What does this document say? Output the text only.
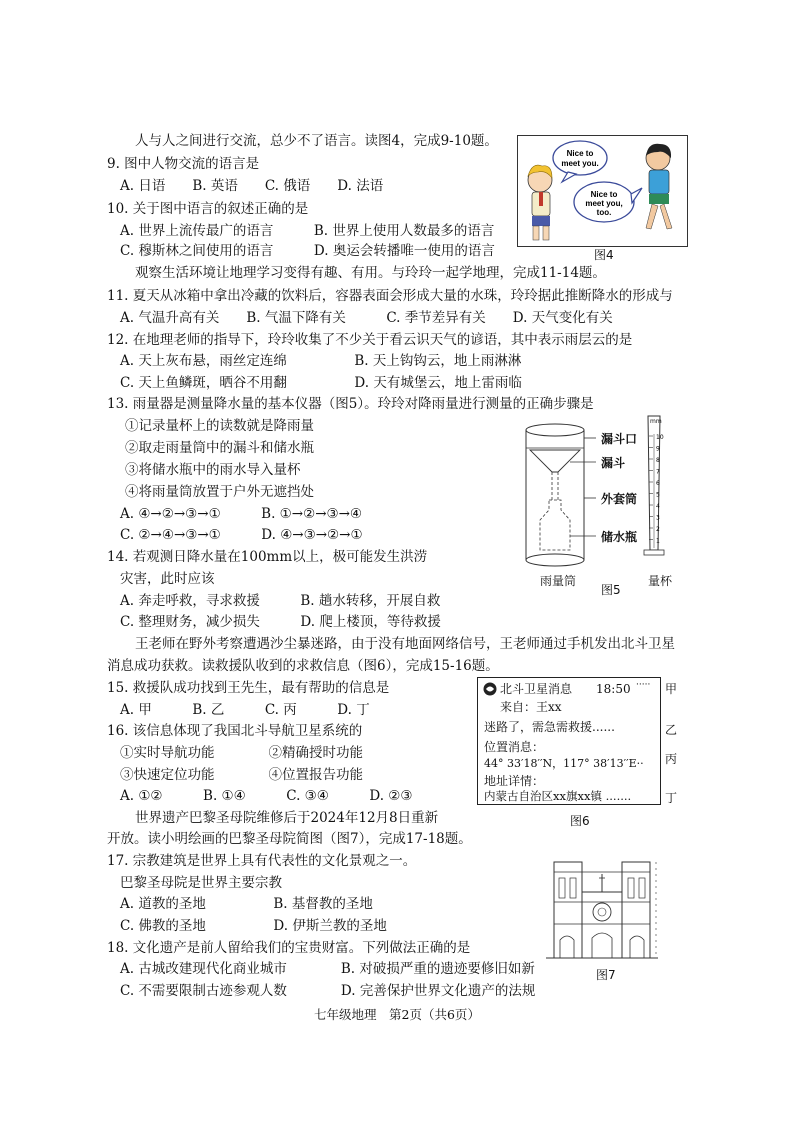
人与人之间进行交流，总少不了语言。读图4，完成9-10题。
9. 图中人物交流的语言是
A. 日语　　B. 英语　　C. 俄语　　D. 法语
10. 关于图中语言的叙述正确的是
A. 世界上流传最广的语言　　　B. 世界上使用人数最多的语言
C. 穆斯林之间使用的语言　　　D. 奥运会转播唯一使用的语言
观察生活环境让地理学习变得有趣、有用。与玲玲一起学地理，完成11-14题。
11. 夏天从冰箱中拿出冷藏的饮料后，容器表面会形成大量的水珠，玲玲据此推断降水的形成与
A. 气温升高有关　　B. 气温下降有关　　　C. 季节差异有关　　D. 天气变化有关
12. 在地理老师的指导下，玲玲收集了不少关于看云识天气的谚语，其中表示雨层云的是
A. 天上灰布悬，雨丝定连绵　　　　　B. 天上钩钩云，地上雨淋淋
C. 天上鱼鳞斑，晒谷不用翻　　　　　D. 天有城堡云，地上雷雨临
13. 雨量器是测量降水量的基本仪器（图5）。玲玲对降雨量进行测量的正确步骤是
①记录量杯上的读数就是降雨量
②取走雨量筒中的漏斗和储水瓶
③将储水瓶中的雨水导入量杯
④将雨量筒放置于户外无遮挡处
A. ④→②→③→①　　　B. ①→②→③→④
C. ②→④→③→①　　　D. ④→③→②→①
14. 若观测日降水量在100mm以上，极可能发生洪涝
灾害，此时应该
A. 奔走呼救，寻求救援　　　B. 趟水转移，开展自救
C. 整理财务，减少损失　　　D. 爬上楼顶，等待救援
王老师在野外考察遭遇沙尘暴迷路，由于没有地面网络信号，王老师通过手机发出北斗卫星
消息成功获救。读救援队收到的求救信息（图6），完成15-16题。
15. 救援队成功找到王先生，最有帮助的信息是
A. 甲　　　B. 乙　　　C. 丙　　　D. 丁
16. 该信息体现了我国北斗导航卫星系统的
①实时导航功能　　　　②精确授时功能
③快速定位功能　　　　④位置报告功能
A. ①②　　　B. ①④　　　C. ③④　　　D. ②③
世界遗产巴黎圣母院维修后于2024年12月8日重新
开放。读小明绘画的巴黎圣母院简图（图7），完成17-18题。
17. 宗教建筑是世界上具有代表性的文化景观之一。
巴黎圣母院是世界主要宗教
A. 道教的圣地　　　　　B. 基督教的圣地
C. 佛教的圣地　　　　　D. 伊斯兰教的圣地
18. 文化遗产是前人留给我们的宝贵财富。下列做法正确的是
A. 古城改建现代化商业城市　　　　B. 对破损严重的遗迹要修旧如新
C. 不需要限制古迹参观人数　　　　D. 完善保护世界文化遗产的法规
Nice to
meet you.
Nice to
meet you,
too.
图4
10
9
8
7
6
5
4
3
2
1
漏斗口
漏斗
外套筒
储水瓶
mm
雨量筒	量杯
图5
北斗卫星消息 18:50
来自：王xx
迷路了，需急需救援......
位置消息：
44° 33′18′′N，117° 38′13′′E··
地址详情：
内蒙古自治区xx旗xx镇 .......
····· 甲
乙
丙
丁
图6
图7
七年级地理　第2页（共6页）
